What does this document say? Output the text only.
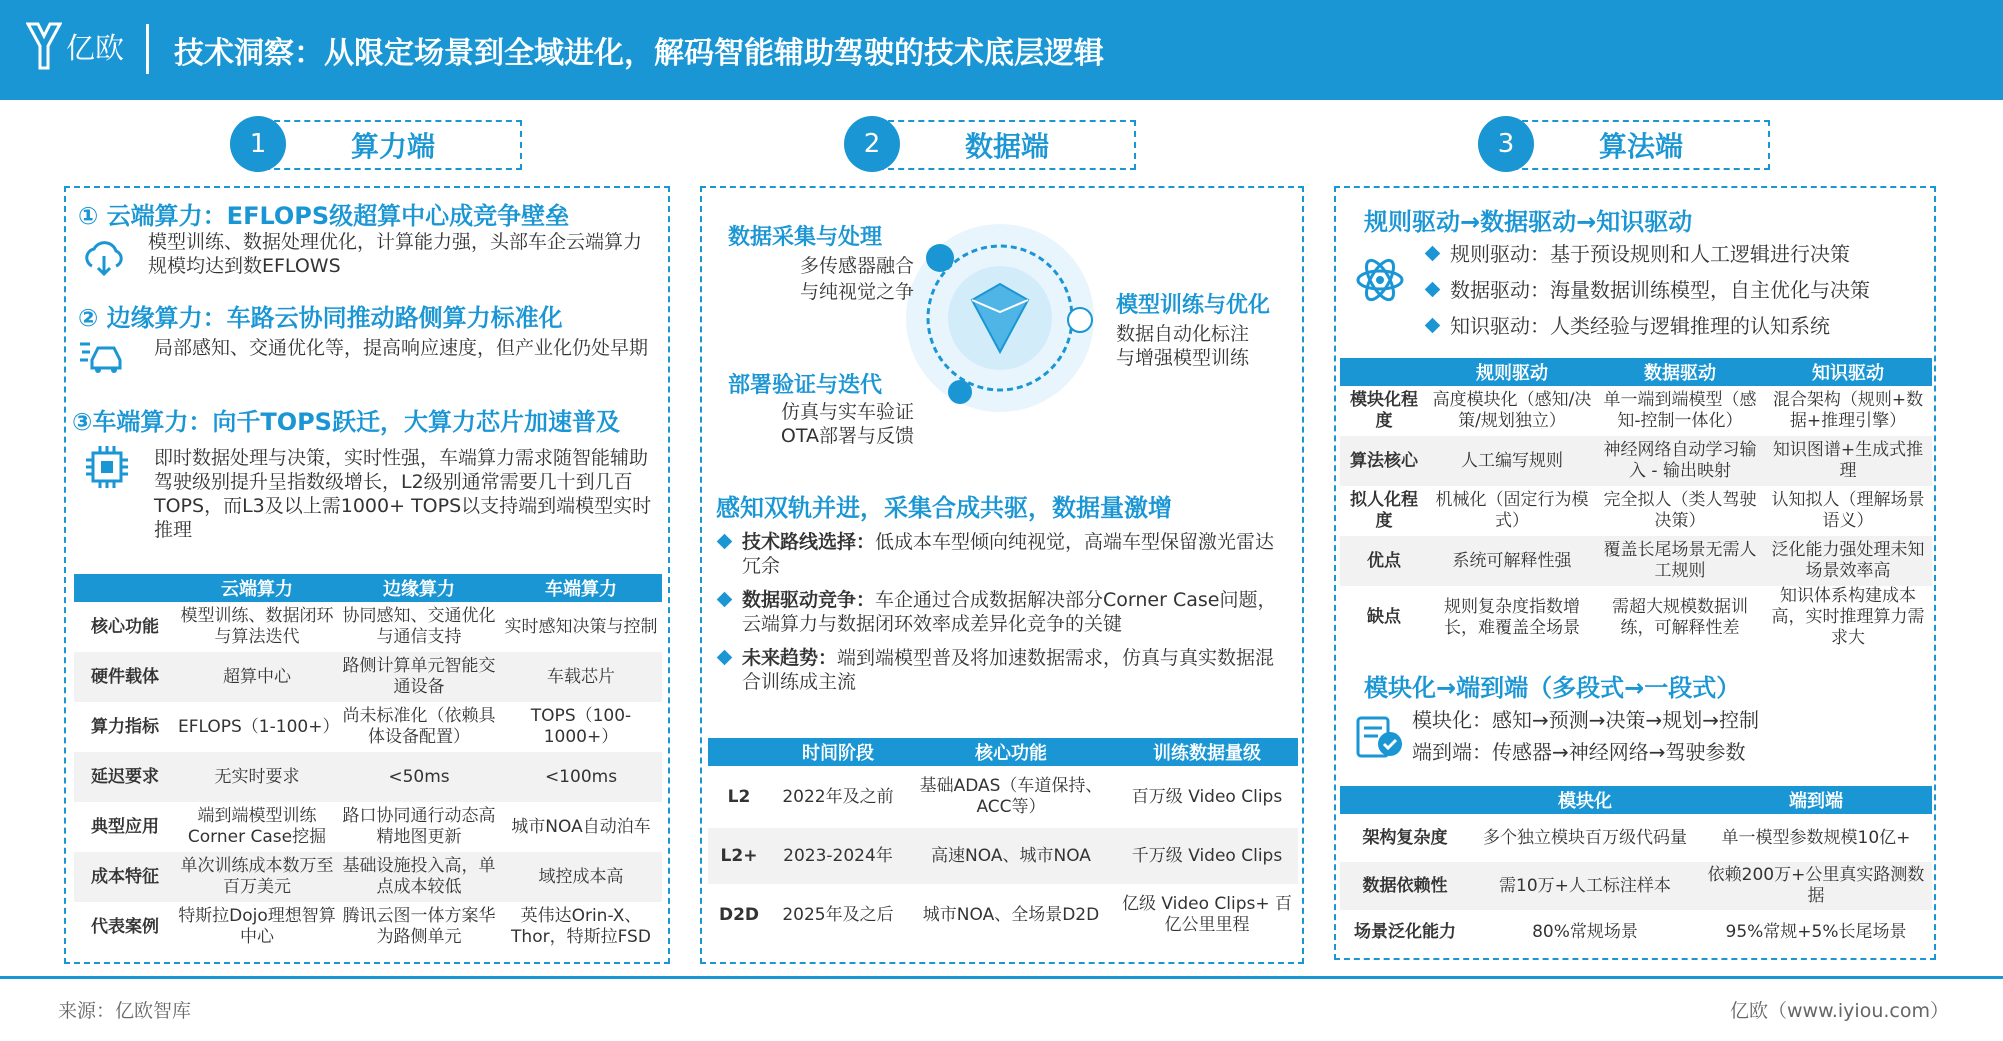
亿欧 技术洞察：从限定场景到全域进化，解码智能辅助驾驶的技术底层逻辑
1	算力端
① 云端算力：EFLOPS级超算中心成竞争壁垒
模型训练、数据处理优化，计算能力强，头部车企云端算力规模均达到数EFLOWS
② 边缘算力：车路云协同推动路侧算力标准化
局部感知、交通优化等，提高响应速度，但产业化仍处早期
③车端算力：向千TOPS跃迁，大算力芯片加速普及
即时数据处理与决策，实时性强，车端算力需求随智能辅助驾驶级别提升呈指数级增长，L2级别通常需要几十到几百TOPS，而L3及以上需1000+ TOPS以支持端到端模型实时推理
	云端算力	边缘算力	车端算力
核心功能	模型训练、数据闭环与算法迭代	协同感知、交通优化与通信支持	实时感知决策与控制
硬件载体	超算中心	路侧计算单元智能交通设备	车载芯片
算力指标	EFLOPS（1-100+）	尚未标准化（依赖具体设备配置）	TOPS（100-1000+）
延迟要求	无实时要求	<50ms	<100ms
典型应用	端到端模型训练Corner Case挖掘	路口协同通行动态高精地图更新	城市NOA自动泊车
成本特征	单次训练成本数万至百万美元	基础设施投入高，单点成本较低	域控成本高
代表案例	特斯拉Dojo理想智算中心	腾讯云图一体方案华为路侧单元	英伟达Orin-X、Thor，特斯拉FSD
2	数据端
数据采集与处理
多传感器融合
与纯视觉之争
模型训练与优化
数据自动化标注
与增强模型训练
部署验证与迭代
仿真与实车验证
OTA部署与反馈
感知双轨并进，采集合成共驱，数据量激增
技术路线选择：低成本车型倾向纯视觉，高端车型保留激光雷达冗余
数据驱动竞争：车企通过合成数据解决部分Corner Case问题，云端算力与数据闭环效率成差异化竞争的关键
未来趋势：端到端模型普及将加速数据需求，仿真与真实数据混合训练成主流
	时间阶段	核心功能	训练数据量级
L2	2022年及之前	基础ADAS（车道保持、ACC等）	百万级 Video Clips
L2+	2023-2024年	高速NOA、城市NOA	千万级 Video Clips
D2D	2025年及之后	城市NOA、全场景D2D	亿级 Video Clips+ 百亿公里里程
3	算法端
规则驱动→数据驱动→知识驱动
规则驱动：基于预设规则和人工逻辑进行决策
数据驱动：海量数据训练模型，自主优化与决策
知识驱动：人类经验与逻辑推理的认知系统
	规则驱动	数据驱动	知识驱动
模块化程度	高度模块化（感知/决策/规划独立）	单一端到端模型（感知-控制一体化）	混合架构（规则+数据+推理引擎）
算法核心	人工编写规则	神经网络自动学习输入 - 输出映射	知识图谱+生成式推理
拟人化程度	机械化（固定行为模式）	完全拟人（类人驾驶决策）	认知拟人（理解场景语义）
优点	系统可解释性强	覆盖长尾场景无需人工规则	泛化能力强处理未知场景效率高
缺点	规则复杂度指数增长，难覆盖全场景	需超大规模数据训练，可解释性差	知识体系构建成本高，实时推理算力需求大
模块化→端到端（多段式→一段式）
模块化：感知→预测→决策→规划→控制
端到端：传感器→神经网络→驾驶参数
	模块化	端到端
架构复杂度	多个独立模块百万级代码量	单一模型参数规模10亿+
数据依赖性	需10万+人工标注样本	依赖200万+公里真实路测数据
场景泛化能力	80%常规场景	95%常规+5%长尾场景
来源：亿欧智库	亿欧（www.iyiou.com）
